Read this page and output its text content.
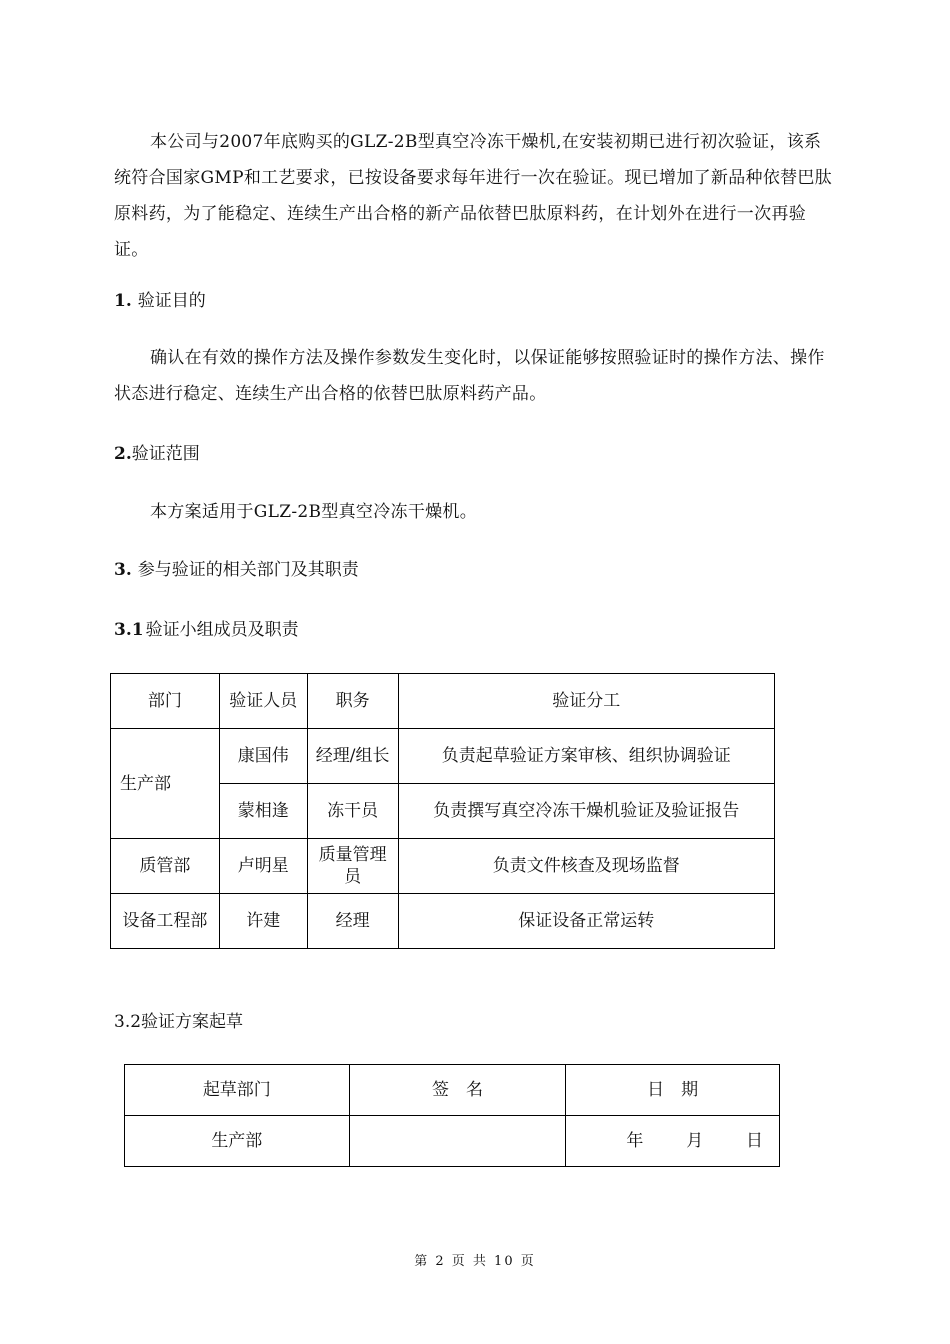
本公司与2007年底购买的GLZ-2B型真空冷冻干燥机,在安装初期已进行初次验证，该系统符合国家GMP和工艺要求，已按设备要求每年进行一次在验证。现已增加了新品种依替巴肽原料药，为了能稳定、连续生产出合格的新产品依替巴肽原料药，在计划外在进行一次再验证。

1. 验证目的

确认在有效的操作方法及操作参数发生变化时，以保证能够按照验证时的操作方法、操作状态进行稳定、连续生产出合格的依替巴肽原料药产品。

2.验证范围

本方案适用于GLZ-2B型真空冷冻干燥机。

3. 参与验证的相关部门及其职责

3.1 验证小组成员及职责

部门	验证人员	职务	验证分工
生产部	康国伟	经理/组长	负责起草验证方案审核、组织协调验证
	蒙相逢	冻干员	负责撰写真空冷冻干燥机验证及验证报告
质管部	卢明星	质量管理员	负责文件核查及现场监督
设备工程部	许建	经理	保证设备正常运转

3.2验证方案起草

起草部门	签　名	日　期
生产部		年 月 日
第 2 页 共 10 页
